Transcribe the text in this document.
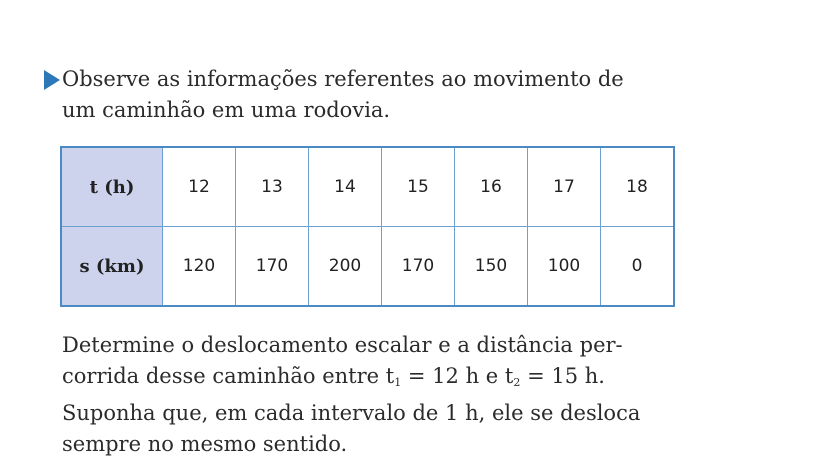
Observe as informações referentes ao movimento de
um caminhão em uma rodovia.
t (h)	12	13	14	15	16	17	18
s (km)	120	170	200	170	150	100	0
Determine o deslocamento escalar e a distância per-
corrida desse caminhão entre $t_1 = 12$ h e $t_2 = 15$ h.
Suponha que, em cada intervalo de 1 h, ele se desloca
sempre no mesmo sentido.
